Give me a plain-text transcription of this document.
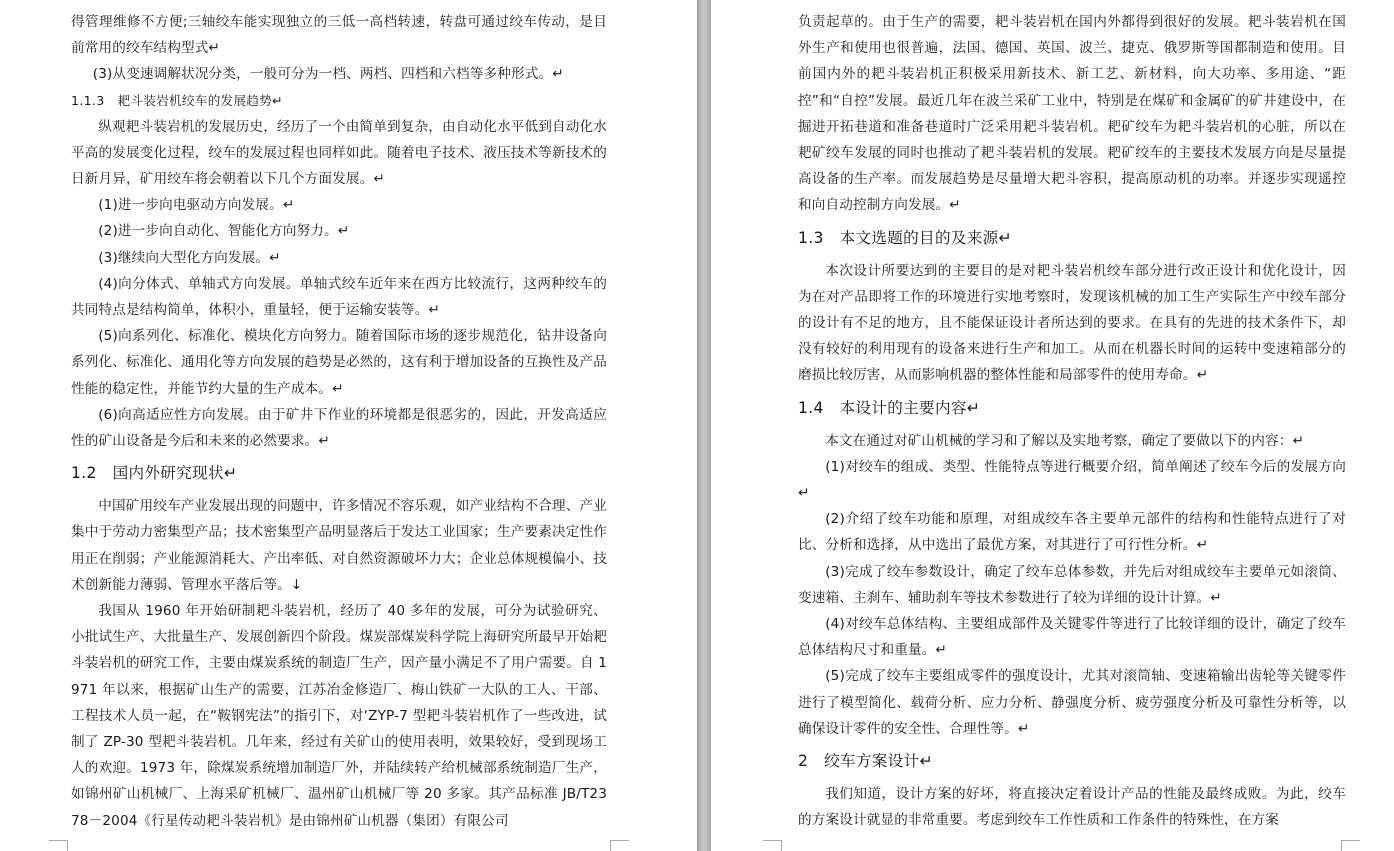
得管理维修不方便;三轴绞车能实现独立的三低一高档转速，转盘可通过绞车传动，是目前常用的绞车结构型式↵

(3)从变速调解状况分类，一般可分为一档、两档、四档和六档等多种形式。↵

1.1.3　耙斗装岩机绞车的发展趋势↵

纵观耙斗装岩机的发展历史，经历了一个由简单到复杂，由自动化水平低到自动化水平高的发展变化过程，绞车的发展过程也同样如此。随着电子技术、液压技术等新技术的日新月异，矿用绞车将会朝着以下几个方面发展。↵

(1)进一步向电驱动方向发展。↵

(2)进一步向自动化、智能化方向努力。↵

(3)继续向大型化方向发展。↵

(4)向分体式、单轴式方向发展。单轴式绞车近年来在西方比较流行，这两种绞车的共同特点是结构简单，体积小，重量轻，便于运输安装等。↵

(5)向系列化、标准化、模块化方向努力。随着国际市场的逐步规范化，钻井设备向系列化、标准化、通用化等方向发展的趋势是必然的，这有利于增加设备的互换性及产品性能的稳定性，并能节约大量的生产成本。↵

(6)向高适应性方向发展。由于矿井下作业的环境都是很恶劣的，因此，开发高适应性的矿山设备是今后和未来的必然要求。↵

1.2　国内外研究现状↵

中国矿用绞车产业发展出现的问题中，许多情况不容乐观，如产业结构不合理、产业集中于劳动力密集型产品；技术密集型产品明显落后于发达工业国家；生产要素决定性作用正在削弱；产业能源消耗大、产出率低、对自然资源破坏力大；企业总体规模偏小、技术创新能力薄弱、管理水平落后等。↓

我国从 1960 年开始研制耙斗装岩机，经历了 40 多年的发展，可分为试验研究、小批试生产、大批量生产、发展创新四个阶段。煤炭部煤炭科学院上海研究所最早开始耙斗装岩机的研究工作，主要由煤炭系统的制造厂生产，因产量小满足不了用户需要。自 1971 年以来，根据矿山生产的需要，江苏冶金修造厂、梅山铁矿一大队的工人、干部、工程技术人员一起，在“鞍钢宪法”的指引下，对‘ZYP-7 型耙斗装岩机作了一些改进，试制了 ZP-30 型耙斗装岩机。几年来，经过有关矿山的使用表明，效果较好，受到现场工人的欢迎。1973 年，除煤炭系统增加制造厂外，并陆续转产给机械部系统制造厂生产，如锦州矿山机械厂、上海采矿机械厂、温州矿山机械厂等 20 多家。其产品标准 JB/T2378－2004《行星传动耙斗装岩机》是由锦州矿山机器（集团）有限公司

负责起草的。由于生产的需要，耙斗装岩机在国内外都得到很好的发展。耙斗装岩机在国外生产和使用也很普遍，法国、德国、英国、波兰、捷克、俄罗斯等国都制造和使用。目前国内外的耙斗装岩机正积极采用新技术、新工艺、新材料，向大功率、多用途、“距控”和“自控”发展。最近几年在波兰采矿工业中，特别是在煤矿和金属矿的矿井建设中，在掘进开拓巷道和准备巷道时广泛采用耙斗装岩机。耙矿绞车为耙斗装岩机的心脏，所以在耙矿绞车发展的同时也推动了耙斗装岩机的发展。耙矿绞车的主要技术发展方向是尽量提高设备的生产率。而发展趋势是尽量增大耙斗容积，提高原动机的功率。并逐步实现遥控和向自动控制方向发展。↵

1.3　本文选题的目的及来源↵

本次设计所要达到的主要目的是对耙斗装岩机绞车部分进行改正设计和优化设计，因为在对产品即将工作的环境进行实地考察时，发现该机械的加工生产实际生产中绞车部分的设计有不足的地方，且不能保证设计者所达到的要求。在具有的先进的技术条件下，却没有较好的利用现有的设备来进行生产和加工。从而在机器长时间的运转中变速箱部分的磨损比较厉害，从而影响机器的整体性能和局部零件的使用寿命。↵

1.4　本设计的主要内容↵

本文在通过对矿山机械的学习和了解以及实地考察，确定了要做以下的内容：↵

(1)对绞车的组成、类型、性能特点等进行概要介绍，简单阐述了绞车今后的发展方向↵

(2)介绍了绞车功能和原理，对组成绞车各主要单元部件的结构和性能特点进行了对比、分析和选择，从中选出了最优方案，对其进行了可行性分析。↵

(3)完成了绞车参数设计，确定了绞车总体参数，并先后对组成绞车主要单元如滚筒、变速箱、主刹车、辅助刹车等技术参数进行了较为详细的设计计算。↵

(4)对绞车总体结构、主要组成部件及关键零件等进行了比较详细的设计，确定了绞车总体结构尺寸和重量。↵

(5)完成了绞车主要组成零件的强度设计，尤其对滚筒轴、变速箱输出齿轮等关键零件进行了模型简化、载荷分析、应力分析、静强度分析、疲劳强度分析及可靠性分析等，以确保设计零件的安全性、合理性等。↵

2　绞车方案设计↵

我们知道，设计方案的好坏，将直接决定着设计产品的性能及最终成败。为此，绞车的方案设计就显的非常重要。考虑到绞车工作性质和工作条件的特殊性，在方案
